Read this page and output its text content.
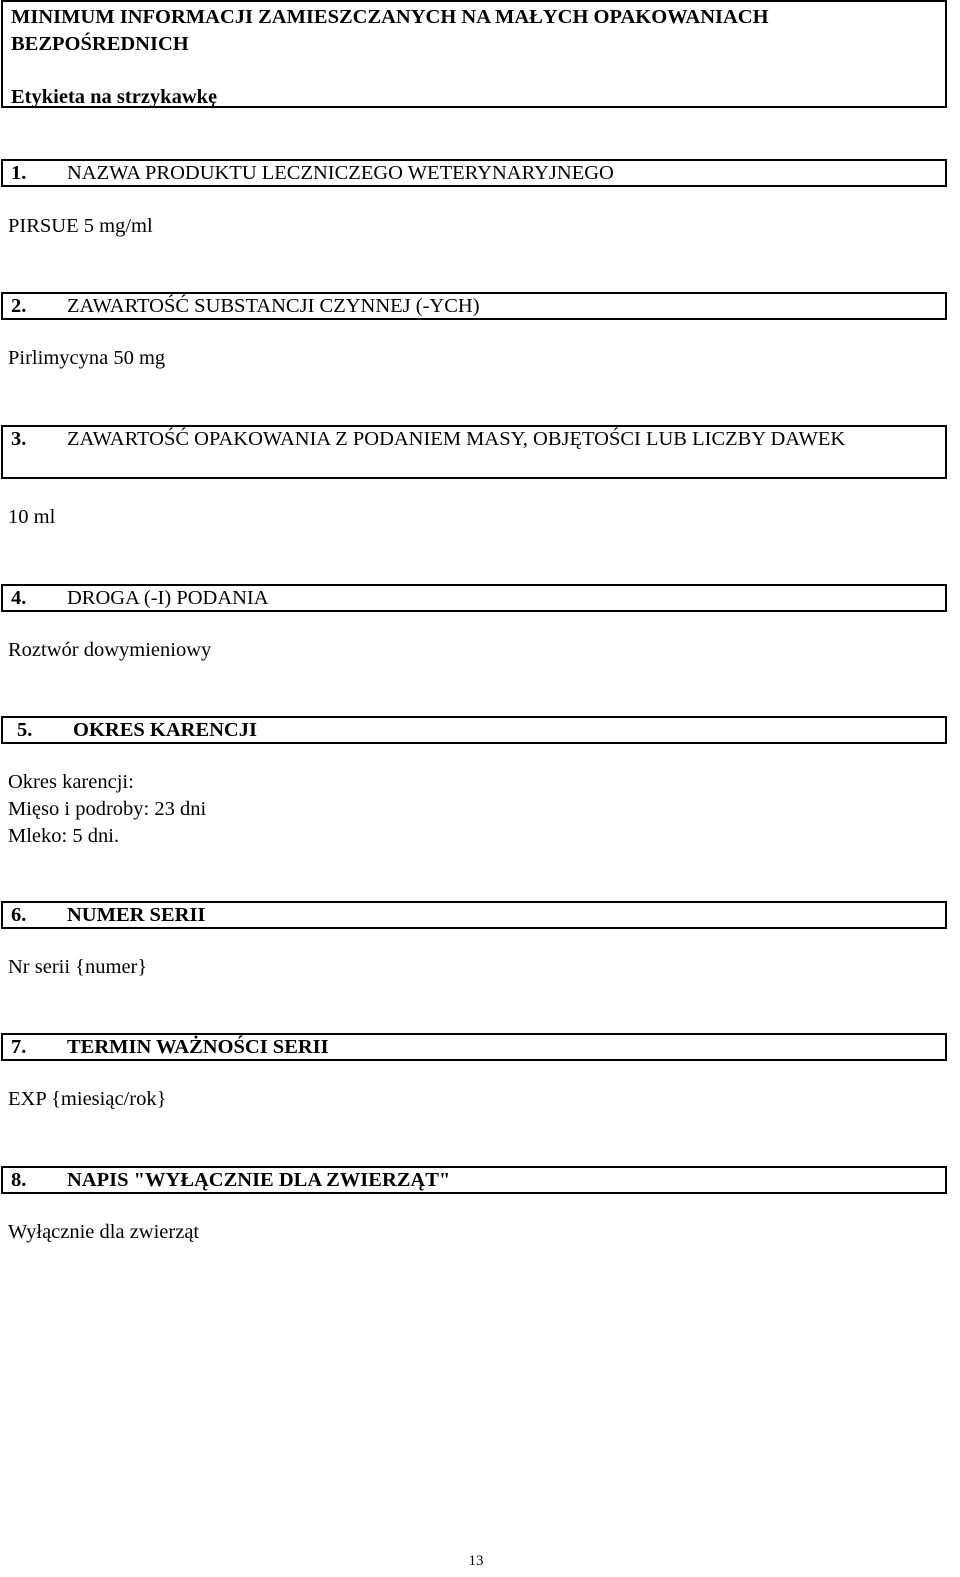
MINIMUM INFORMACJI ZAMIESZCZANYCH NA MAŁYCH OPAKOWANIACH BEZPOŚREDNICH
Etykieta na strzykawkę
1. NAZWA PRODUKTU LECZNICZEGO WETERYNARYJNEGO
PIRSUE 5 mg/ml
2. ZAWARTOŚĆ SUBSTANCJI CZYNNEJ (-YCH)
Pirlimycyna 50 mg
3. ZAWARTOŚĆ OPAKOWANIA Z PODANIEM MASY, OBJĘTOŚCI LUB LICZBY DAWEK
10 ml
4. DROGA (-I) PODANIA
Roztwór dowymieniowy
5. OKRES KARENCJI
Okres karencji:
Mięso i podroby: 23 dni
Mleko: 5 dni.
6. NUMER SERII
Nr serii {numer}
7. TERMIN WAŻNOŚCI SERII
EXP {miesiąc/rok}
8. NAPIS "WYŁĄCZNIE DLA ZWIERZĄT"
Wyłącznie dla zwierząt
13
